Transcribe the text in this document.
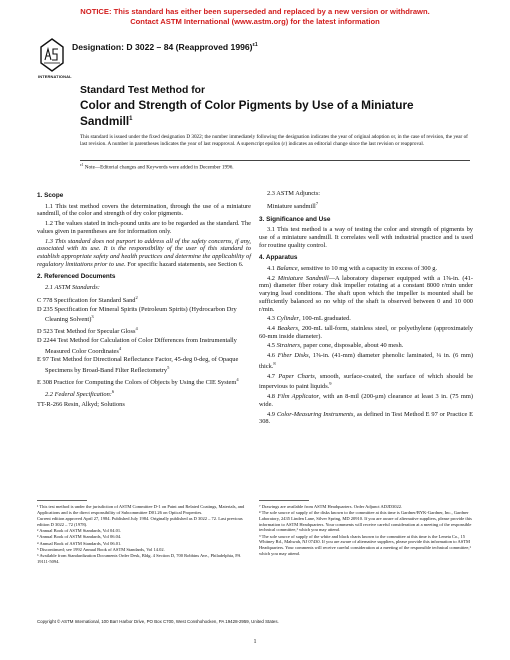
NOTICE: This standard has either been superseded and replaced by a new version or withdrawn.
Contact ASTM International (www.astm.org) for the latest information
INTERNATIONAL
Designation: D 3022 – 84 (Reapproved 1996)$^{\varepsilon 1}$
Standard Test Method for
Color and Strength of Color Pigments by Use of a Miniature
Sandmill$^1$
This standard is issued under the fixed designation D 3022; the number immediately following the designation indicates the year of original adoption or, in the case of revision, the year of last revision. A number in parentheses indicates the year of last reapproval. A superscript epsilon (ε) indicates an editorial change since the last revision or reapproval.
$^{\varepsilon 1}$ Note—Editorial changes and Keywords were added in December 1996.
1. Scope

1.1 This test method covers the determination, through the use of a miniature sandmill, of the color and strength of dry color pigments.

1.2 The values stated in inch-pound units are to be regarded as the standard. The values given in parentheses are for information only.

1.3 This standard does not purport to address all of the safety concerns, if any, associated with its use. It is the responsibility of the user of this standard to establish appropriate safety and health practices and determine the applicability of regulatory limitations prior to use. For specific hazard statements, see Section 6.

2. Referenced Documents

2.1 ASTM Standards:

C 778 Specification for Standard Sand$^2$

D 235 Specification for Mineral Spirits (Petroleum Spirits) (Hydrocarbon Dry Cleaning Solvent)$^3$

D 523 Test Method for Specular Gloss$^4$

D 2244 Test Method for Calculation of Color Differences from Instrumentally Measured Color Coordinates$^4$

E 97 Test Method for Directional Reflectance Factor, 45-deg 0-deg, of Opaque Specimens by Broad-Band Filter Reflectometry$^5$

E 308 Practice for Computing the Colors of Objects by Using the CIE System$^4$

2.2 Federal Specification:$^6$

TT-R-266 Resin, Alkyd; Solutions

2.3 ASTM Adjuncts:

Miniature sandmill$^7$

3. Significance and Use

3.1 This test method is a way of testing the color and strength of pigments by use of a miniature sandmill. It correlates well with industrial practice and is used for routine quality control.

4. Apparatus

4.1 Balance, sensitive to 10 mg with a capacity in excess of 300 g.

4.2 Miniature Sandmill—A laboratory disperser equipped with a 1⅝-in. (41-mm) diameter fiber rotary disk impeller rotating at a constant 8000 r/min under varying load conditions. The shaft upon which the impeller is mounted shall be sufficiently balanced so no whip of the shaft is observed between 0 and 10 000 r/min.

4.3 Cylinder, 100-mL graduated.

4.4 Beakers, 200-mL tall-form, stainless steel, or polyethylene (approximately 60-mm inside diameter).

4.5 Strainers, paper cone, disposable, about 40 mesh.

4.6 Fiber Disks, 1⅝-in. (41-mm) diameter phenolic laminated, ¼ in. (6 mm) thick.$^8$

4.7 Paper Charts, smooth, surface-coated, the surface of which should be impervious to paint liquids.$^9$

4.8 Film Applicator, with an 8-mil (200-μm) clearance at least 3 in. (75 mm) wide.

4.9 Color-Measuring Instruments, as defined in Test Method E 97 or Practice E 308.

¹ This test method is under the jurisdiction of ASTM Committee D-1 on Paint and Related Coatings, Materials, and Applications and is the direct responsibility of Subcommittee D01.26 on Optical Properties.

Current edition approved April 27, 1984. Published July 1984. Originally published as D 3022 – 72. Last previous edition D 3022 – 72 (1978).

² Annual Book of ASTM Standards, Vol 04.01.

³ Annual Book of ASTM Standards, Vol 06.04.

⁴ Annual Book of ASTM Standards, Vol 06.01.

⁵ Discontinued; see 1992 Annual Book of ASTM Standards, Vol 14.02.

⁶ Available from Standardization Documents Order Desk, Bldg. 4 Section D, 700 Robbins Ave., Philadelphia, PA 19111-5094.

⁷ Drawings are available from ASTM Headquarters. Order Adjunct ADJD3022.

⁸ The sole source of supply of the disks known to the committee at this time is Gardner/BYK-Gardner, Inc., Gardner Laboratory, 2435 Linden Lane, Silver Spring, MD 20910. If you are aware of alternative suppliers, please provide this information to ASTM Headquarters. Your comments will receive careful consideration at a meeting of the responsible technical committee,¹ which you may attend.

⁹ The sole source of supply of the white and black charts known to the committee at this time is the Leneta Co., 15 Whitney Rd., Mahwah, NJ 07430. If you are aware of alternative suppliers, please provide this information to ASTM Headquarters. Your comments will receive careful consideration at a meeting of the responsible technical committee,¹ which you may attend.

Copyright © ASTM International, 100 Barr Harbor Drive, PO Box C700, West Conshohocken, PA 19428-2959, United States.
1
